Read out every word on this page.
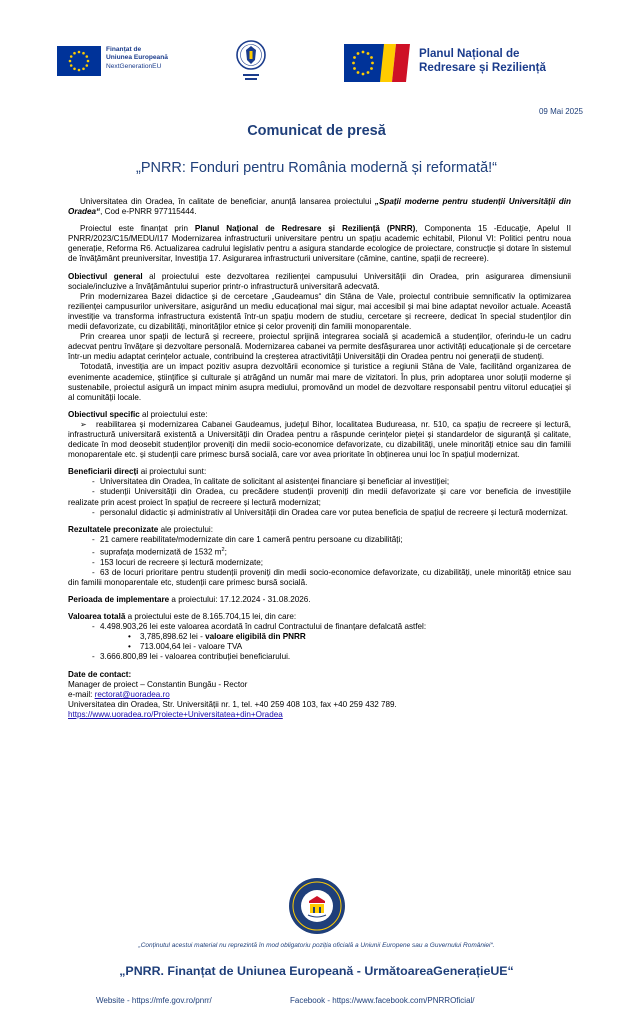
Finanțat de
Uniunea Europeană
NextGenerationEU
Planul Național de
Redresare și Reziliență
09 Mai 2025
Comunicat de presă
„PNRR: Fonduri pentru România modernă și reformată!“

Universitatea din Oradea, în calitate de beneficiar, anunță lansarea proiectului „Spații moderne pentru studenții Universității din Oradea“, Cod e-PNRR 977115444.

Proiectul este finanțat prin Planul Național de Redresare și Reziliență (PNRR), Componenta 15 -Educație, Apelul II PNRR/2023/C15/MEDU/I17 Modernizarea infrastructurii universitare pentru un spațiu academic echitabil, Pilonul VI: Politici pentru noua generație, Reforma R6. Actualizarea cadrului legislativ pentru a asigura standarde ecologice de proiectare, construcție și dotare în sistemul de învățământ preuniversitar, Investiția 17. Asigurarea infrastructurii universitare (cămine, cantine, spații de recreere).

Obiectivul general al proiectului este dezvoltarea rezilienței campusului Universității din Oradea, prin asigurarea dimensiunii sociale/incluzive a învățământului superior printr-o infrastructură universitară adecvată.

Prin modernizarea Bazei didactice și de cercetare „Gaudeamus“ din Stâna de Vale, proiectul contribuie semnificativ la optimizarea rezilienței campusurilor universitare, asigurând un mediu educațional mai sigur, mai accesibil și mai bine adaptat nevoilor actuale. Această investiție va transforma infrastructura existentă într-un spațiu modern de studiu, cercetare și recreere, dedicat în special studenților din medii defavorizate, cu dizabilități, minorităților etnice și celor proveniți din familii monoparentale.

Prin crearea unor spații de lectură și recreere, proiectul sprijină integrarea socială și academică a studenților, oferindu-le un cadru adecvat pentru învățare și dezvoltare personală. Modernizarea cabanei va permite desfășurarea unor activități educaționale și de cercetare într-un mediu adaptat cerințelor actuale, contribuind la creșterea atractivității Universității din Oradea pentru noi generații de studenți.

Totodată, investiția are un impact pozitiv asupra dezvoltării economice și turistice a regiunii Stâna de Vale, facilitând organizarea de evenimente academice, științifice și culturale și atrăgând un număr mai mare de vizitatori. În plus, prin adoptarea unor soluții moderne și sustenabile, proiectul asigură un impact minim asupra mediului, promovând un model de dezvoltare responsabil pentru viitorul educației și al comunității locale.

Obiectivul specific al proiectului este:

➢ reabilitarea și modernizarea Cabanei Gaudeamus, județul Bihor, localitatea Budureasa, nr. 510, ca spațiu de recreere și lectură, infrastructură universitară existentă a Universității din Oradea pentru a răspunde cerințelor pieței și standardelor de siguranță și calitate, dedicate în mod deosebit studenților proveniți din medii socio-economice defavorizate, cu dizabilități, unele minorități etnice sau din familii monoparentale etc. și studenții care primesc bursă socială, care vor avea prioritate în obținerea unui loc în spațiul modernizat.

Beneficiarii direcți ai proiectului sunt:

- Universitatea din Oradea, în calitate de solicitant al asistenței financiare și beneficiar al investiției;

- studenții Universității din Oradea, cu precădere studenții proveniți din medii defavorizate și care vor beneficia de investițiile realizate prin acest proiect în spațiul de recreere și lectură modernizat;

- personalul didactic și administrativ al Universității din Oradea care vor putea beneficia de spațiul de recreere și lectură modernizat.

Rezultatele preconizate ale proiectului:

- 21 camere reabilitate/modernizate din care 1 cameră pentru persoane cu dizabilități;

- suprafața modernizată de 1532 $m^2$;

- 153 locuri de recreere și lectură modernizate;

- 63 de locuri prioritare pentru studenții proveniți din medii socio-economice defavorizate, cu dizabilități, unele minorități etnice sau din familii monoparentale etc, studenții care primesc bursă socială.

Perioada de implementare a proiectului: 17.12.2024 - 31.08.2026.

Valoarea totală a proiectului este de 8.165.704,15 lei, din care:

- 4.498.903,26 lei este valoarea acordată în cadrul Contractului de finanțare defalcată astfel:

• 3,785,898.62 lei - valoare eligibilă din PNRR

• 713.004,64 lei - valoare TVA

- 3.666.800,89 lei - valoarea contribuției beneficiarului.

Date de contact:

Manager de proiect – Constantin Bungău - Rector

e-mail: rectorat@uoradea.ro

Universitatea din Oradea, Str. Universității nr. 1, tel. +40 259 408 103, fax +40 259 432 789.

https://www.uoradea.ro/Proiecte+Universitatea+din+Oradea

„Conținutul acestui material nu reprezintă în mod obligatoriu poziția oficială a Uniunii Europene sau a Guvernului României“.
„PNRR. Finanțat de Uniunea Europeană - UrmătoareaGenerațieUE“
Website - https://mfe.gov.ro/pnrr/	Facebook - https://www.facebook.com/PNRROficial/
